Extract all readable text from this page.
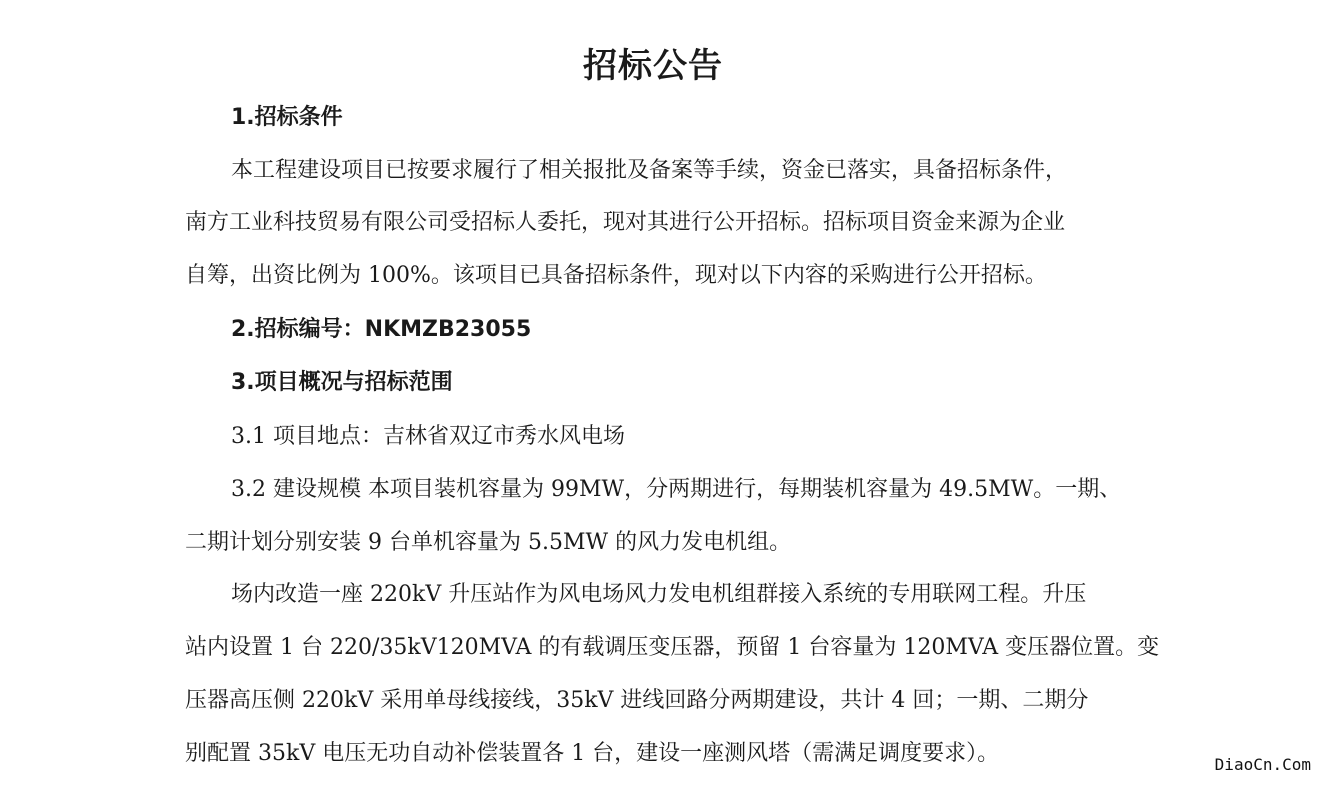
招标公告
1.招标条件
本工程建设项目已按要求履行了相关报批及备案等手续，资金已落实，具备招标条件，
南方工业科技贸易有限公司受招标人委托，现对其进行公开招标。招标项目资金来源为企业
自筹，出资比例为 100%。该项目已具备招标条件，现对以下内容的采购进行公开招标。
2.招标编号：NKMZB23055
3.项目概况与招标范围
3.1 项目地点：吉林省双辽市秀水风电场
3.2 建设规模 本项目装机容量为 99MW，分两期进行，每期装机容量为 49.5MW。一期、
二期计划分别安装 9 台单机容量为 5.5MW 的风力发电机组。
场内改造一座 220kV 升压站作为风电场风力发电机组群接入系统的专用联网工程。升压
站内设置 1 台 220/35kV120MVA 的有载调压变压器，预留 1 台容量为 120MVA 变压器位置。变
压器高压侧 220kV 采用单母线接线，35kV 进线回路分两期建设，共计 4 回；一期、二期分
别配置 35kV 电压无功自动补偿装置各 1 台，建设一座测风塔（需满足调度要求）。	DiaoCn.Com
